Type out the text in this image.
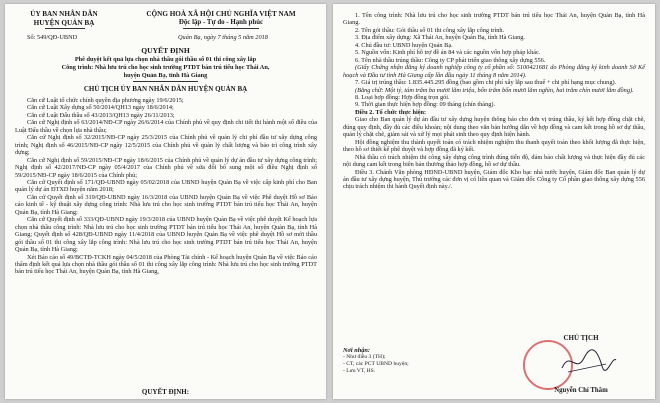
ỦY BAN NHÂN DÂN
HUYỆN QUẢN BẠ
CỘNG HOÀ XÃ HỘI CHỦ NGHĨA VIỆT NAM
Độc lập - Tự do - Hạnh phúc
Số: 549/QĐ-UBND	Quản Bạ, ngày 7 tháng 5 năm 2018
QUYẾT ĐỊNH
Phê duyệt kết quả lựa chọn nhà thầu gói thầu số 01 thi công xây lắp
Công trình: Nhà lưu trú cho học sinh trường PTDT bán trú tiểu học Thái An,
huyện Quản Bạ, tỉnh Hà Giang
CHỦ TỊCH ỦY BAN NHÂN DÂN HUYỆN QUẢN BẠ

Căn cứ Luật tổ chức chính quyền địa phương ngày 19/6/2015;

Căn cứ Luật Xây dựng số 50/2014/QH13 ngày 18/6/2014;

Căn cứ Luật Đấu thầu số 43/2013/QH13 ngày 26/11/2013;

Căn cứ Nghị định số 63/2014/NĐ-CP ngày 26/6/2014 của Chính phủ về quy định chi tiết thi hành một số điều của Luật Đấu thầu về chọn lựa nhà thầu;

Căn cứ Nghị định số 32/2015/NĐ-CP ngày 25/3/2015 của Chính phủ về quản lý chi phí đầu tư xây dựng công trình; Nghị định số 46/2015/NĐ-CP ngày 12/5/2015 của Chính phủ về quản lý chất lượng và bảo trì công trình xây dựng;

Căn cứ Nghị định số 59/2015/NĐ-CP ngày 18/6/2015 của Chính phủ về quản lý dự án đầu tư xây dựng công trình; Nghị định số 42/2017/NĐ-CP ngày 05/4/2017 của Chính phủ về sửa đổi bổ sung một số điều Nghị định số 59/2015/NĐ-CP ngày 18/6/2015 của Chính phủ;

Căn cứ Quyết định số 171/QĐ-UBND ngày 05/02/2018 của UBND huyện Quản Bạ về việc cấp kinh phí cho Ban quản lý dự án ĐTXD huyện năm 2018;

Căn cứ Quyết định số 319/QĐ-UBND ngày 16/3/2018 của UBND huyện Quản Bạ về việc Phê duyệt Hồ sơ Báo cáo kinh tế - kỹ thuật xây dựng công trình: Nhà lưu trú cho học sinh trường PTDT bán trú tiểu học Thái An, huyện Quản Bạ, tỉnh Hà Giang;

Căn cứ Quyết định số 333/QĐ-UBND ngày 19/3/2018 của UBND huyện Quản Bạ về việc phê duyệt Kế hoạch lựa chọn nhà thầu công trình: Nhà lưu trú cho học sinh trường PTDT bán trú tiểu học Thái An, huyện Quản Bạ, tỉnh Hà Giang; Quyết định số 428/QĐ-UBND ngày 11/4/2018 của UBND huyện Quản Bạ về việc phê duyệt Hồ sơ mời thầu gói thầu số 01 thi công xây lắp công trình: Nhà lưu trú cho học sinh trường PTDT bán trú tiểu học Thái An, huyện Quản Bạ, tỉnh Hà Giang;

Xét Báo cáo số 49/BCTĐ-TCKH ngày 04/5/2018 của Phòng Tài chính - Kế hoạch huyện Quản Bạ về việc Báo cáo thẩm định kết quả lựa chọn nhà thầu gói thầu số 01 thi công xây lắp công trình: Nhà lưu trú cho học sinh trường PTDT bán trú tiểu học Thái An, huyện Quản Bạ, tỉnh Hà Giang,

QUYẾT ĐỊNH:

1. Tên công trình: Nhà lưu trú cho học sinh trường PTDT bán trú tiểu học Thái An, huyện Quản Bạ, tỉnh Hà Giang.

2. Tên gói thầu: Gói thầu số 01 thi công xây lắp công trình.

3. Địa điểm xây dựng: Xã Thái An, huyện Quản Bạ, tỉnh Hà Giang.

4. Chủ đầu tư: UBND huyện Quản Bạ.

5. Nguồn vốn: Kinh phí hỗ trợ đề án 84 và các nguồn vốn hợp pháp khác.

6. Tên nhà thầu trúng thầu: Công ty CP phát triển giao thông xây dựng 556.

(Giấy Chứng nhận đăng ký doanh nghiệp công ty cổ phần số: 5100421681 do Phòng đăng ký kinh doanh Sở Kế hoạch và Đầu tư tỉnh Hà Giang cấp lần đầu ngày 11 tháng 8 năm 2014).

7. Giá trị trúng thầu: 1.835.445.295 đồng (bao gồm chi phí xây lắp sau thuế + chi phí hạng mục chung).

(Bằng chữ: Một tỷ, tám trăm ba mươi lăm triệu, bốn trăm bốn mươi lăm nghìn, hai trăm chín mươi lăm đồng).

8. Loại hợp đồng: Hợp đồng trọn gói.

9. Thời gian thực hiện hợp đồng: 09 tháng (chín tháng).

Điều 2. Tổ chức thực hiện:

Giao cho Ban quản lý dự án đầu tư xây dựng huyện thông báo cho đơn vị trúng thầu, ký kết hợp đồng chặt chẽ, đúng quy định, đầy đủ các điều khoản; nội dung theo văn bản hướng dẫn về hợp đồng và cam kết trong hồ sơ dự thầu, quản lý chặt chẽ, giám sát và xử lý mọi phát sinh theo quy định hiện hành.

Hội đồng nghiệm thu thành quyết toán có trách nhiệm nghiệm thu thanh quyết toán theo khối lượng đã thực hiện, theo hồ sơ thiết kế phê duyệt và hợp đồng đã ký kết.

Nhà thầu có trách nhiệm thi công xây dựng công trình đúng tiến độ, đảm bảo chất lượng và thực hiện đầy đủ các nội dung cam kết trong biên bản thương thảo hợp đồng, hồ sơ dự thầu.

Điều 3. Chánh Văn phòng HĐND-UBND huyện, Giám đốc Kho bạc nhà nước huyện, Giám đốc Ban quản lý dự án đầu tư xây dựng huyện, Thủ trưởng các đơn vị có liên quan và Giám đốc Công ty Cổ phần giao thông xây dựng 556 chịu trách nhiệm thi hành Quyết định này./.

Nơi nhận:
- Như điều 3 (TH);
- CT, các PCT UBND huyện;
- Lưu VT, HS.
CHỦ TỊCH
Nguyễn Chí Thâm
